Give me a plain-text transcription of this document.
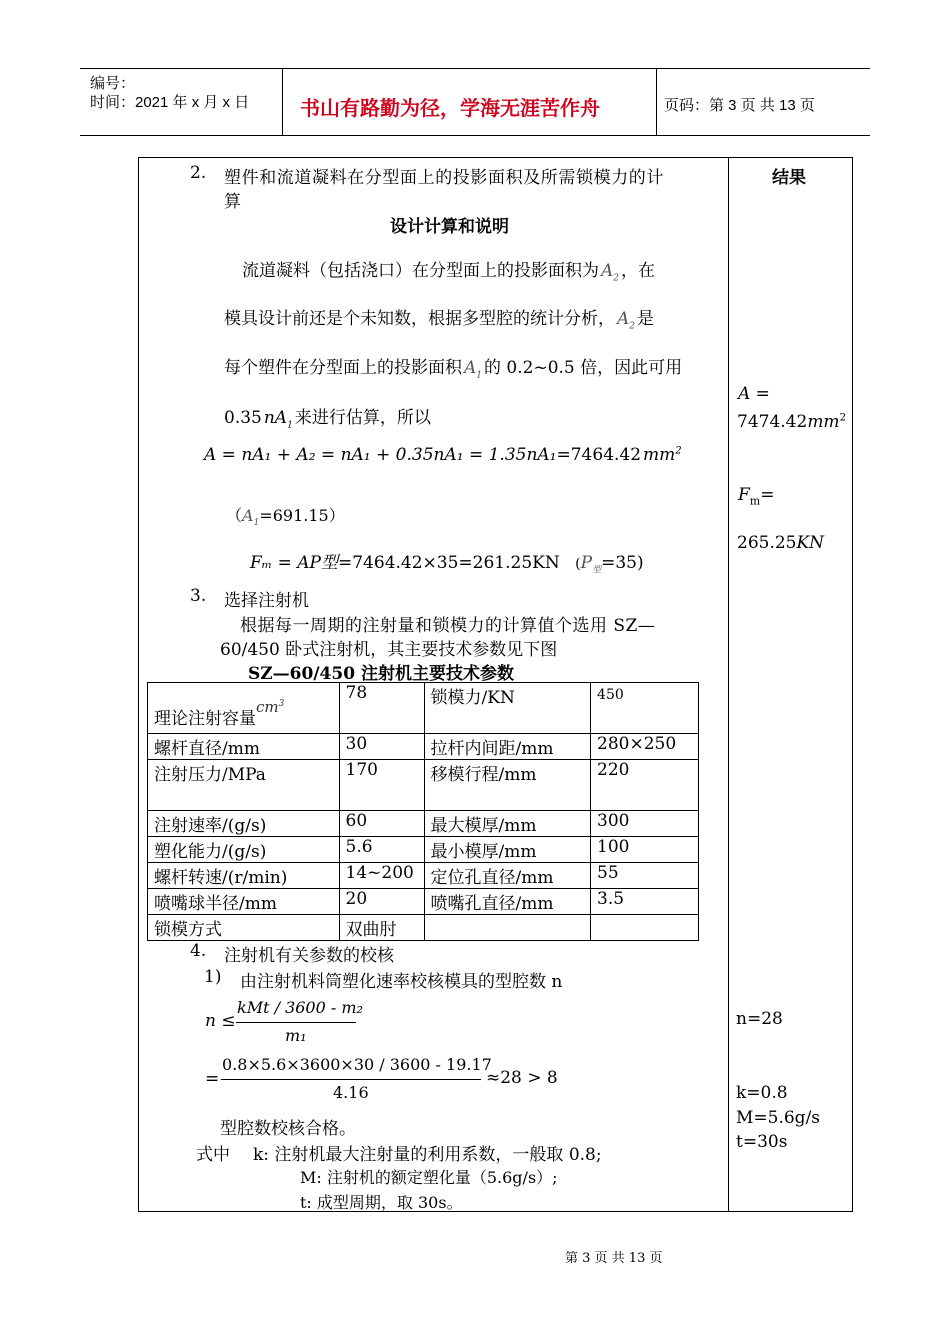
编号：
时间：2021 年 x 月 x 日	书山有路勤为径，学海无涯苦作舟	页码：第 3 页 共 13 页
结果
A =
$7474.42mm^2$
$F_m=$
265.25KN
n=28
k=0.8
M=5.6g/s
t=30s
2. 塑件和流道凝料在分型面上的投影面积及所需锁模力的计
算
设计计算和说明
流道凝料（包括浇口）在分型面上的投影面积为 $A_2$ ，在
模具设计前还是个未知数，根据多型腔的统计分析， $A_2$ 是
每个塑件在分型面上的投影面积 $A_1$ 的 0.2~0.5 倍，因此可用
0.35 $nA_1$ 来进行估算，所以
A = nA₁ + A₂ = nA₁ + 0.35nA₁ = 1.35nA₁=7464.42 $mm^2$
$(A_1=691.15)$
Fₘ = AP型=7464.42×35=261.25KN $(P_型=35)$
3. 选择注射机
根据每一周期的注射量和锁模力的计算值个选用 SZ—
60/450 卧式注射机，其主要技术参数见下图
SZ—60/450 注射机主要技术参数
理论注射容量$cm^3$	78	锁模力/KN	450
螺杆直径/mm	30	拉杆内间距/mm	280×250
注射压力/MPa	170	移模行程/mm	220
注射速率/(g/s)	60	最大模厚/mm	300
塑化能力/(g/s)	5.6	最小模厚/mm	100
螺杆转速/(r/min)	14~200	定位孔直径/mm	55
喷嘴球半径/mm	20	喷嘴孔直径/mm	3.5
锁模方式	双曲肘		
4. 注射机有关参数的校核
1) 由注射机料筒塑化速率校核模具的型腔数 n
n ≤
kMt / 3600 - m₂
m₁
=
0.8×5.6×3600×30 / 3600 - 19.17
4.16
≈28 > 8
型腔数校核合格。
式中 k: 注射机最大注射量的利用系数，一般取 0.8;
M: 注射机的额定塑化量（5.6g/s）;
t: 成型周期，取 30s。
第 3 页 共 13 页
